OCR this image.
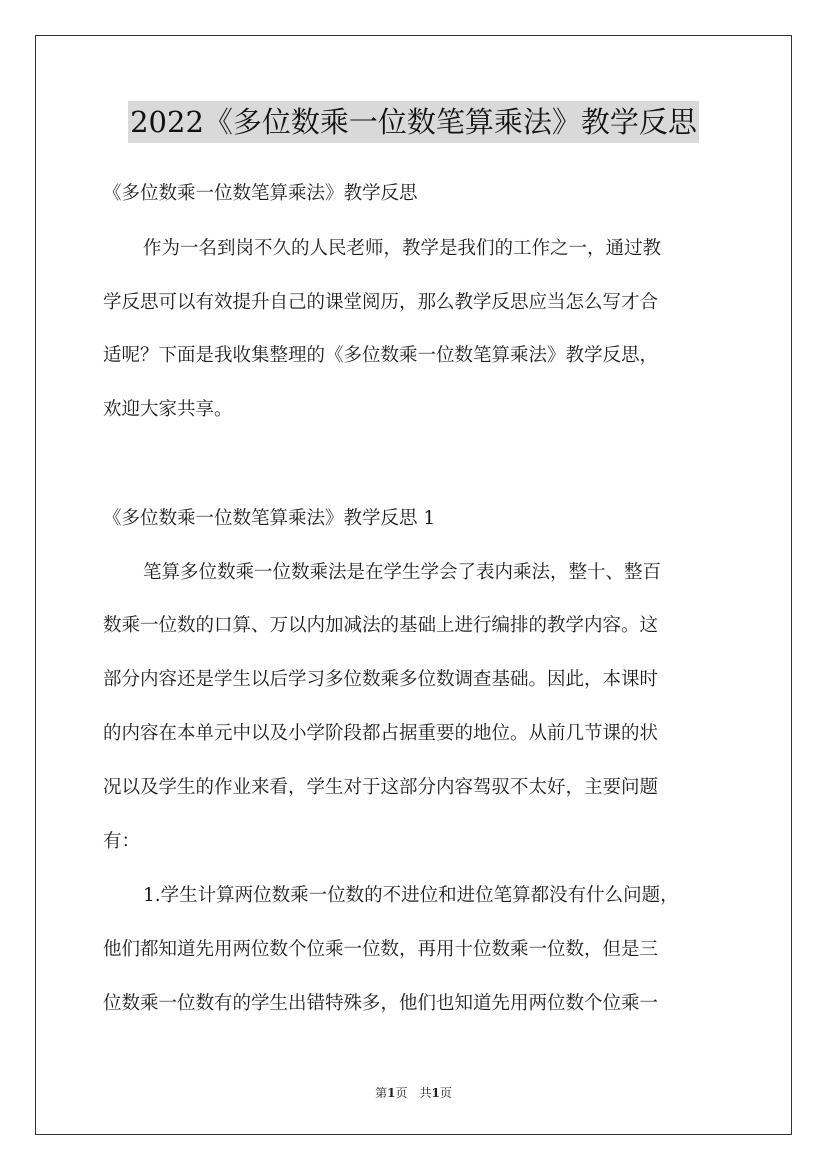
2022《多位数乘一位数笔算乘法》教学反思
《多位数乘一位数笔算乘法》教学反思
作为一名到岗不久的人民老师，教学是我们的工作之一，通过教
学反思可以有效提升自己的课堂阅历，那么教学反思应当怎么写才合
适呢？下面是我收集整理的《多位数乘一位数笔算乘法》教学反思，
欢迎大家共享。
《多位数乘一位数笔算乘法》教学反思 1
笔算多位数乘一位数乘法是在学生学会了表内乘法，整十、整百
数乘一位数的口算、万以内加减法的基础上进行编排的教学内容。这
部分内容还是学生以后学习多位数乘多位数调查基础。因此，本课时
的内容在本单元中以及小学阶段都占据重要的地位。从前几节课的状
况以及学生的作业来看，学生对于这部分内容驾驭不太好，主要问题
有：
1.学生计算两位数乘一位数的不进位和进位笔算都没有什么问题，
他们都知道先用两位数个位乘一位数，再用十位数乘一位数，但是三
位数乘一位数有的学生出错特殊多，他们也知道先用两位数个位乘一
第1页 共1页
